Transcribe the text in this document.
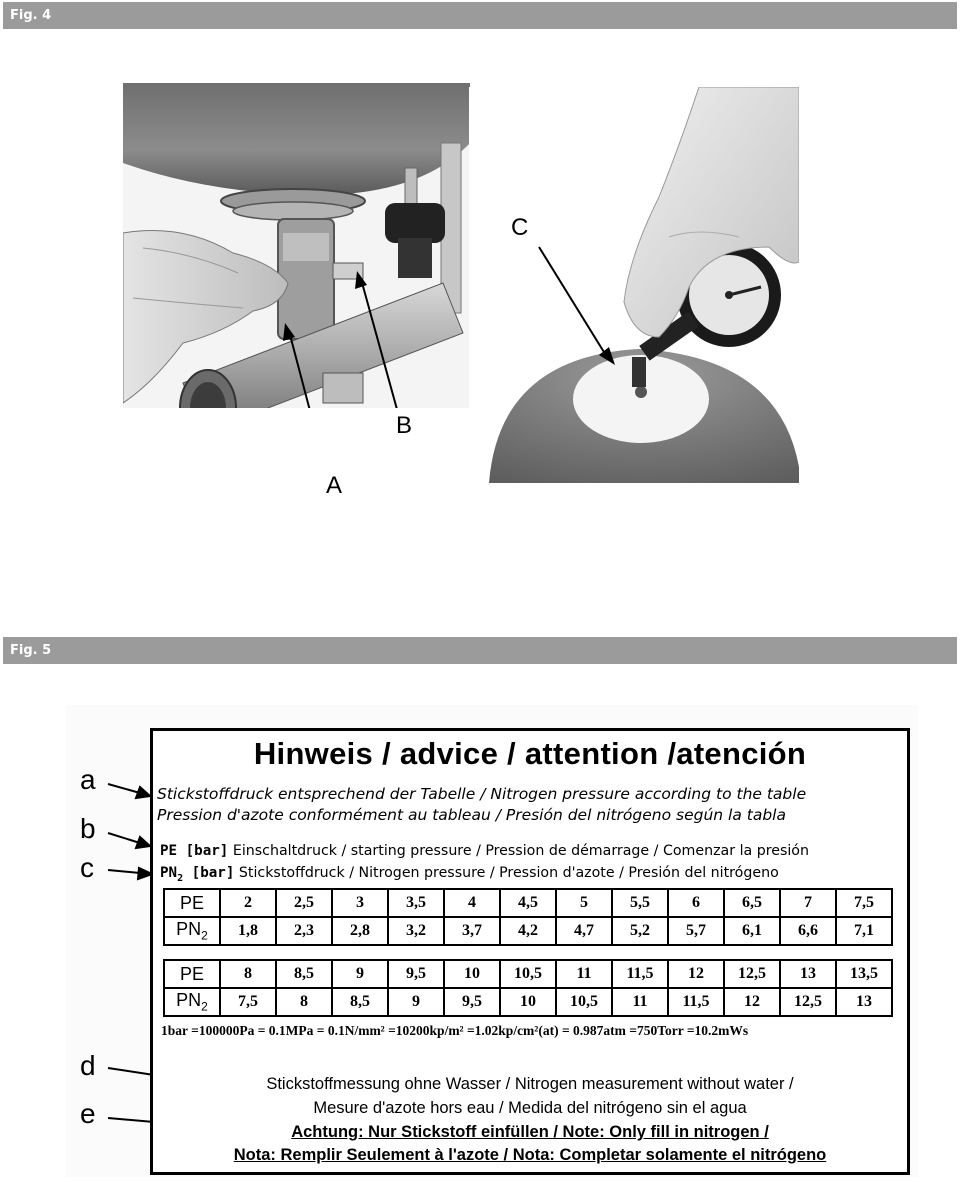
Fig. 4
B
A
C
Fig. 5
a
b
c
d
e
Hinweis / advice / attention /atención
Stickstoffdruck entsprechend der Tabelle / Nitrogen pressure according to the table
Pression d'azote conformément au tableau / Presión del nitrógeno según la tabla
PE [bar] Einschaltdruck / starting pressure / Pression de démarrage / Comenzar la presión
$PN_2$ [bar] Stickstoffdruck / Nitrogen pressure / Pression d'azote / Presión del nitrógeno
PE	2	2,5	3	3,5	4	4,5	5	5,5	6	6,5	7	7,5
$PN_2$	1,8	2,3	2,8	3,2	3,7	4,2	4,7	5,2	5,7	6,1	6,6	7,1
PE	8	8,5	9	9,5	10	10,5	11	11,5	12	12,5	13	13,5
$PN_2$	7,5	8	8,5	9	9,5	10	10,5	11	11,5	12	12,5	13
1bar =100000Pa = 0.1MPa = 0.1N/mm² =10200kp/m² =1.02kp/cm²(at) = 0.987atm =750Torr =10.2mWs
Stickstoffmessung ohne Wasser / Nitrogen measurement without water /
Mesure d'azote hors eau / Medida del nitrógeno sin el agua
Achtung: Nur Stickstoff einfüllen / Note: Only fill in nitrogen /
Nota: Remplir Seulement à l'azote / Nota: Completar solamente el nitrógeno
